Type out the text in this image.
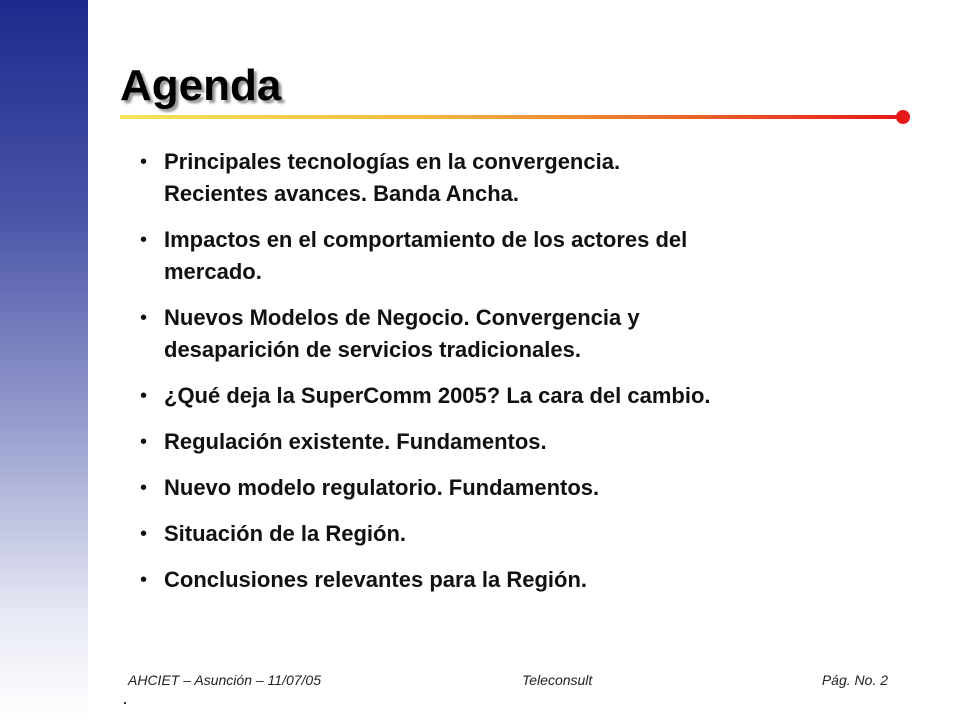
Agenda
• Principales tecnologías en la convergencia.
Recientes avances. Banda Ancha.
• Impactos en el comportamiento de los actores del
mercado.
• Nuevos Modelos de Negocio. Convergencia y
desaparición de servicios tradicionales.
• ¿Qué deja la SuperComm 2005? La cara del cambio.
• Regulación existente. Fundamentos.
• Nuevo modelo regulatorio. Fundamentos.
• Situación de la Región.
• Conclusiones relevantes para la Región.
AHCIET – Asunción – 11/07/05	Teleconsult	Pág. No. 2
